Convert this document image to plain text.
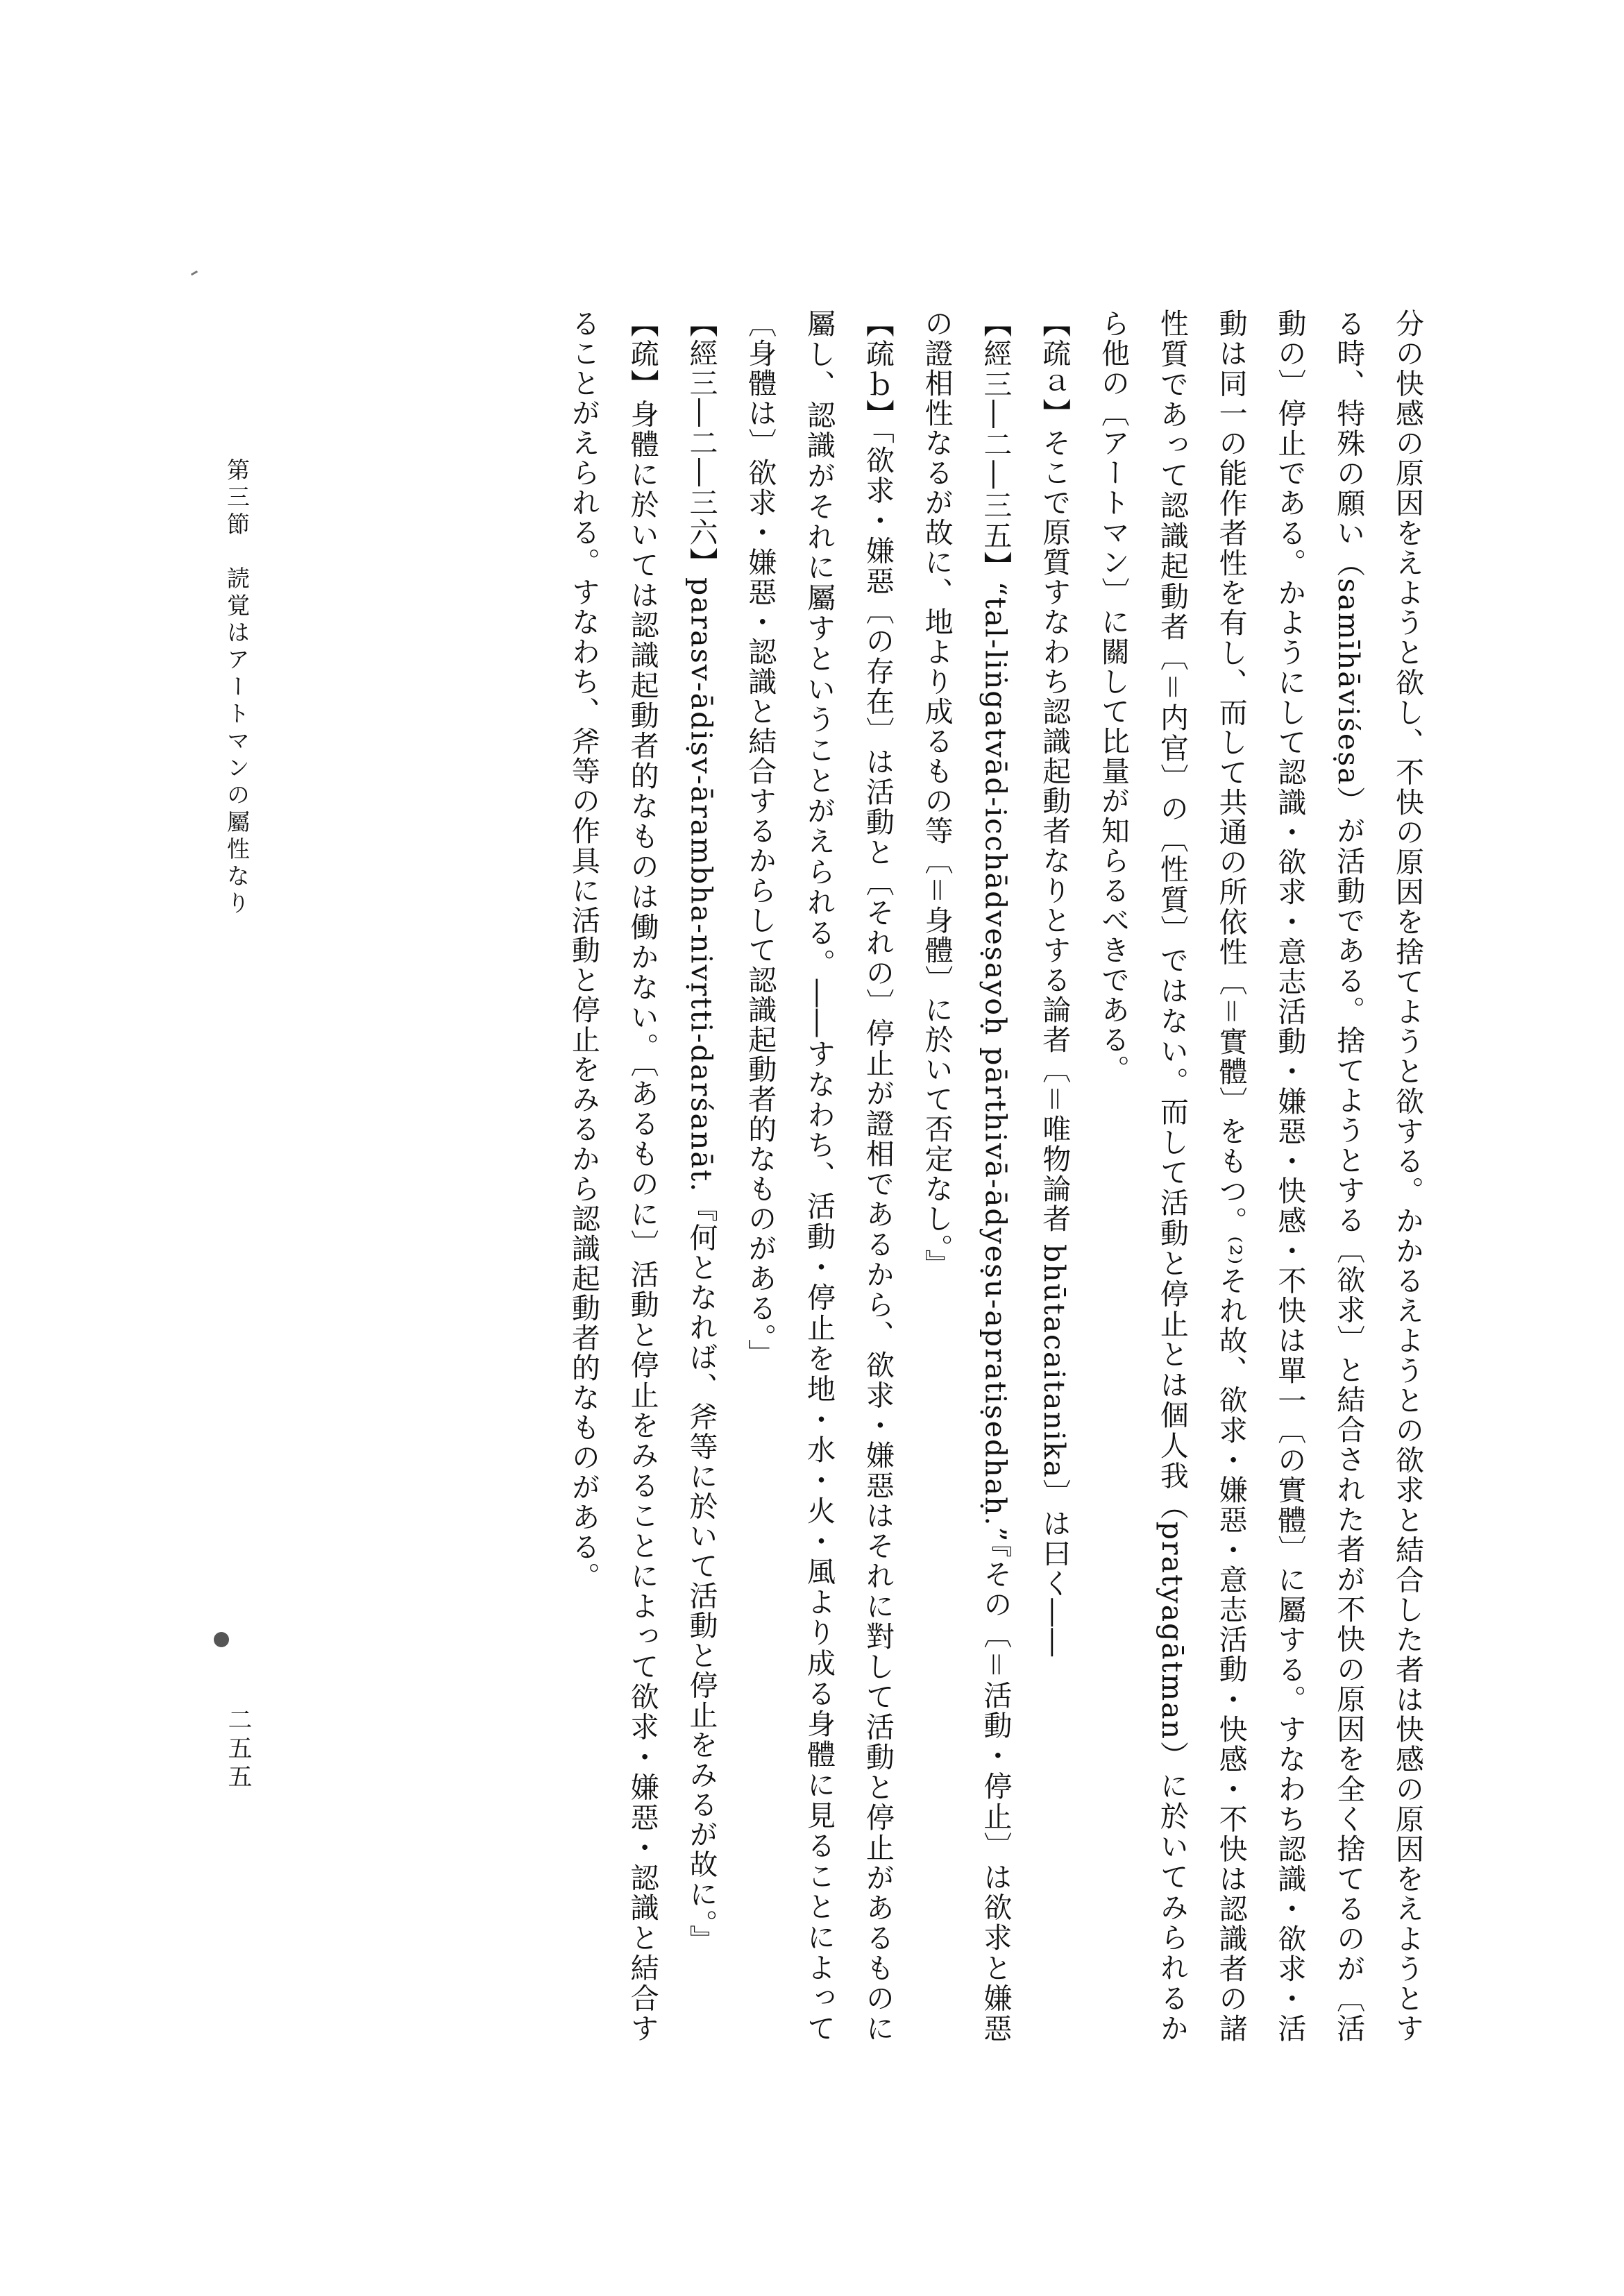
分の快感の原因をえようと欲し、不快の原因を捨てようと欲する。かかるえようとの欲求と結合した者は快感の原因をえようとする時、特殊の願い（samīhāviśeṣa）が活動である。捨てようとする〔欲求〕と結合された者が不快の原因を全く捨てるのが〔活動の〕停止である。かようにして認識・欲求・意志活動・嫌惡・快感・不快は單一〔の實體〕に屬する。すなわち認識・欲求・活動は同一の能作者性を有し、而して共通の所依性〔＝實體〕をもつ。⁽²⁾それ故、欲求・嫌惡・意志活動・快感・不快は認識者の諸性質であって認識起動者〔＝内官〕の〔性質〕ではない。而して活動と停止とは個人我（pratyagātman）に於いてみられるから他の〔アートマン〕に關して比量が知らるべきである。

【疏ａ】そこで原質すなわち認識起動者なりとする論者〔＝唯物論者 bhūtacaitanika〕は曰く――

【經三―二―三五】“tal-liṅgatvād-icchādveṣayoḥ pārthivā-ādyeṣu-apratiṣedhaḥ.”『その〔＝活動・停止〕は欲求と嫌惡の證相性なるが故に、地より成るもの等〔＝身體〕に於いて否定なし。』

【疏ｂ】「欲求・嫌惡〔の存在〕は活動と〔それの〕停止が證相であるから、欲求・嫌惡はそれに對して活動と停止があるものに屬し、認識がそれに屬すということがえられる。――すなわち、活動・停止を地・水・火・風より成る身體に見ることによって〔身體は〕欲求・嫌惡・認識と結合するからして認識起動者的なものがある。」

【經三―二―三六】parasv-ādiṣv-ārambha-nivṛtti-darśanāt.『何となれば、斧等に於いて活動と停止をみるが故に。』

【疏】身體に於いては認識起動者的なものは働かない。〔あるものに〕活動と停止をみることによって欲求・嫌惡・認識と結合することがえられる。すなわち、斧等の作具に活動と停止をみるから認識起動者的なものがある。

第三節　読覚はアートマンの屬性なり
二五五
